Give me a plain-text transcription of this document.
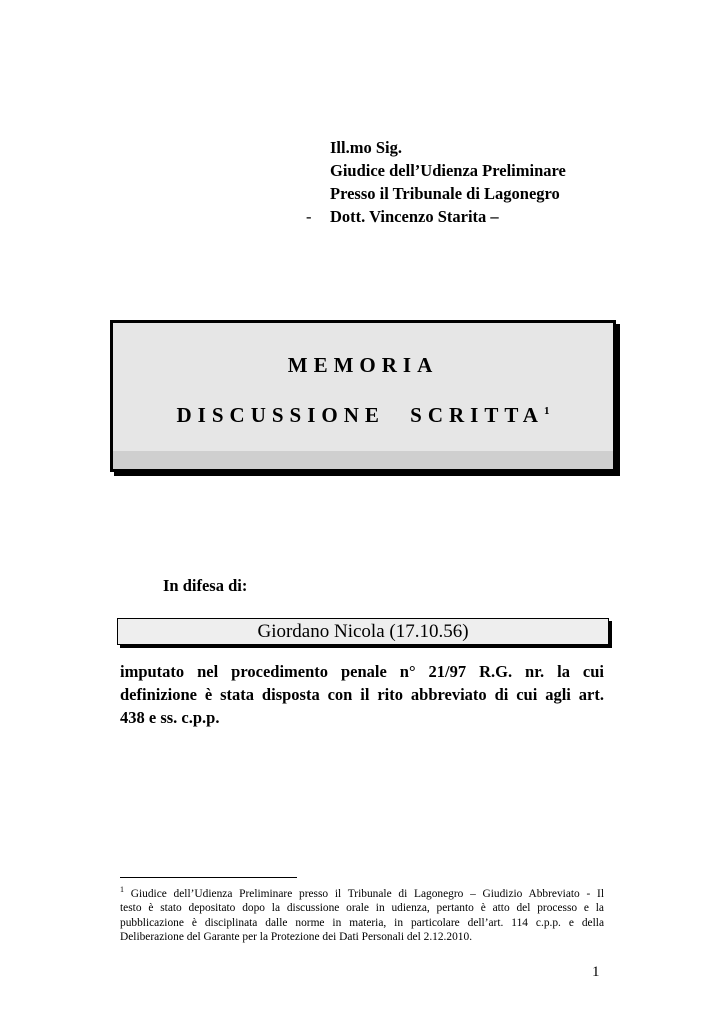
Ill.mo Sig.
Giudice dell’Udienza Preliminare
Presso il Tribunale di Lagonegro
- Dott. Vincenzo Starita –
MEMORIA
DISCUSSIONE SCRITTA$^1$
In difesa di:
Giordano Nicola (17.10.56)
imputato nel procedimento penale n° 21/97 R.G. nr. la cui
definizione è stata disposta con il rito abbreviato di cui agli art.
438 e ss. c.p.p.
$^1$ Giudice dell’Udienza Preliminare presso il Tribunale di Lagonegro – Giudizio Abbreviato - Il
testo è stato depositato dopo la discussione orale in udienza, pertanto è atto del processo e la
pubblicazione è disciplinata dalle norme in materia, in particolare dell’art. 114 c.p.p. e della
Deliberazione del Garante per la Protezione dei Dati Personali del 2.12.2010.
1
